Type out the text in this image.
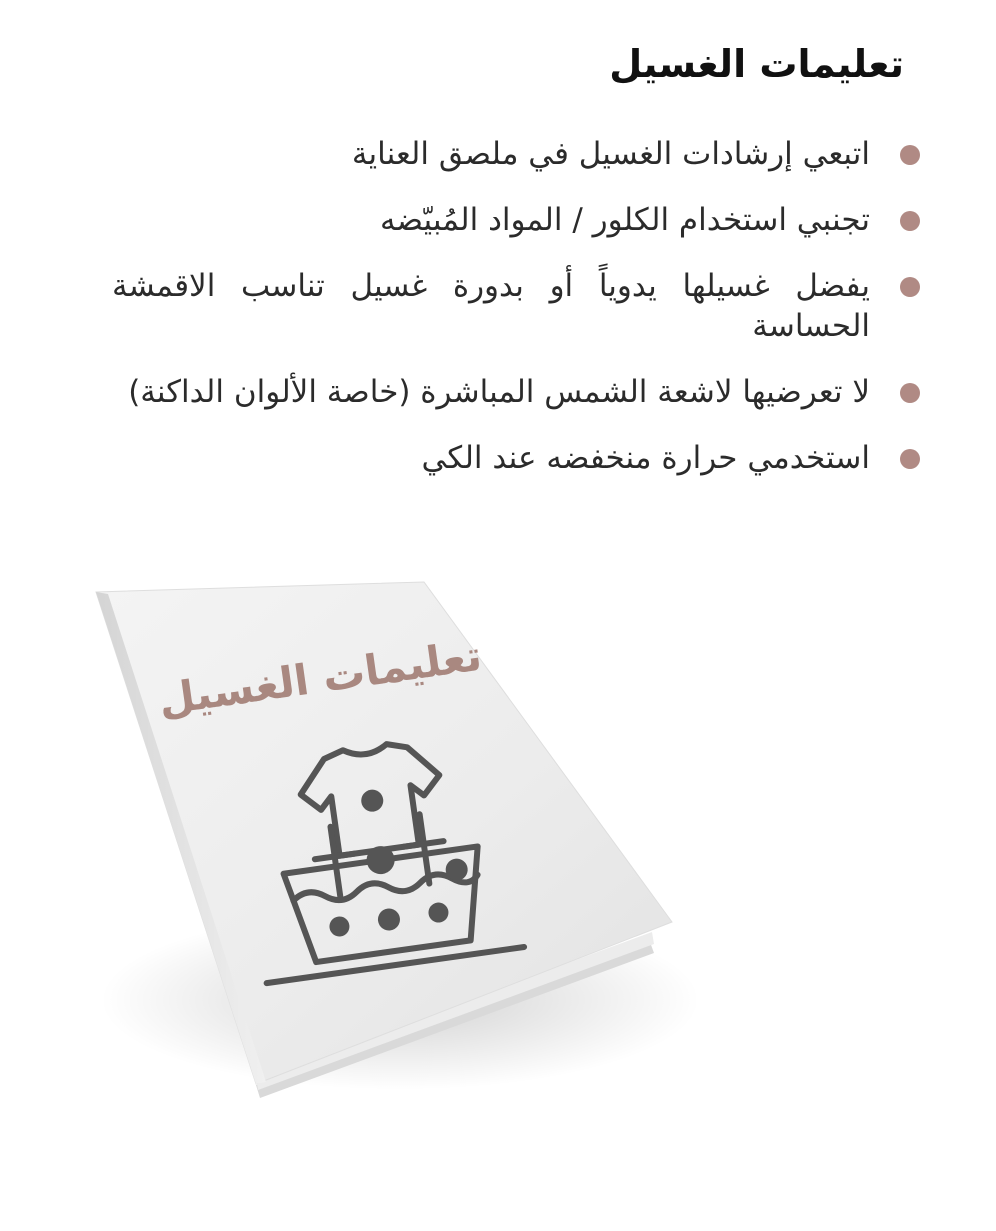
تعليمات الغسيل
اتبعي إرشادات الغسيل في ملصق العناية
تجنبي استخدام الكلور / المواد المُبيّضه
يفضل غسيلها يدوياً أو بدورة غسيل تناسب الاقمشة الحساسة
لا تعرضيها لاشعة الشمس المباشرة (خاصة الألوان الداكنة)
استخدمي حرارة منخفضه عند الكي
تعليمات الغسيل
